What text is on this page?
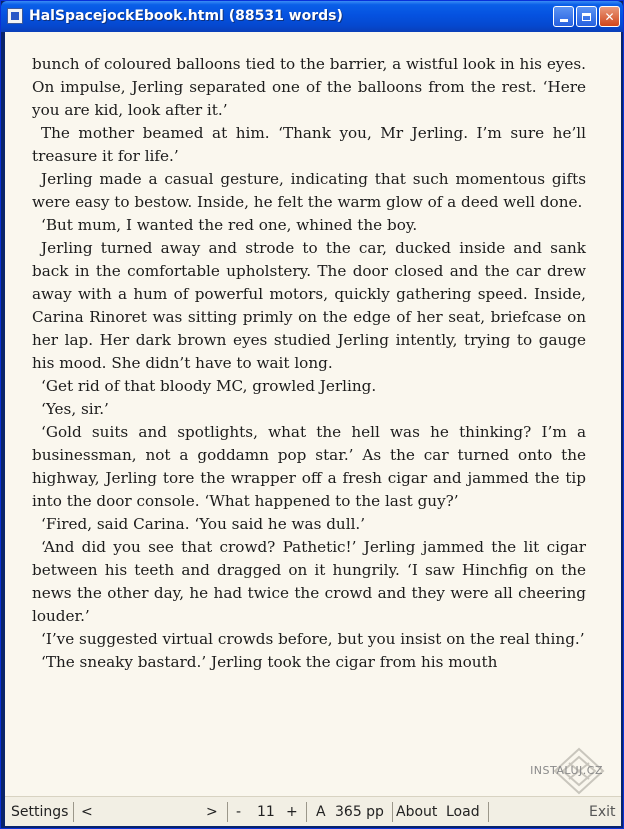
HalSpacejockEbook.html (88531 words)	✕

bunch of coloured balloons tied to the barrier, a wistful look in his eyes. On impulse, Jerling separated one of the balloons from the rest. ‘Here you are kid, look after it.’

The mother beamed at him. ‘Thank you, Mr Jerling. I’m sure he’ll treasure it for life.’

Jerling made a casual gesture, indicating that such momentous gifts were easy to bestow. Inside, he felt the warm glow of a deed well done.

‘But mum, I wanted the red one, whined the boy.

Jerling turned away and strode to the car, ducked inside and sank back in the comfortable upholstery. The door closed and the car drew away with a hum of powerful motors, quickly gathering speed. Inside, Carina Rinoret was sitting primly on the edge of her seat, briefcase on her lap. Her dark brown eyes studied Jerling intently, trying to gauge his mood. She didn’t have to wait long.

‘Get rid of that bloody MC, growled Jerling.

‘Yes, sir.’

‘Gold suits and spotlights, what the hell was he thinking? I’m a businessman, not a goddamn pop star.’ As the car turned onto the highway, Jerling tore the wrapper off a fresh cigar and jammed the tip into the door console. ‘What happened to the last guy?’

‘Fired, said Carina. ‘You said he was dull.’

‘And did you see that crowd? Pathetic!’ Jerling jammed the lit cigar between his teeth and dragged on it hungrily. ‘I saw Hinchfig on the news the other day, he had twice the crowd and they were all cheering louder.’

‘I’ve suggested virtual crowds before, but you insist on the real thing.’

‘The sneaky bastard.’ Jerling took the cigar from his mouth

INSTALUJ.CZ
Settings <	> - 11 + A 365 pp About Load	Exit
